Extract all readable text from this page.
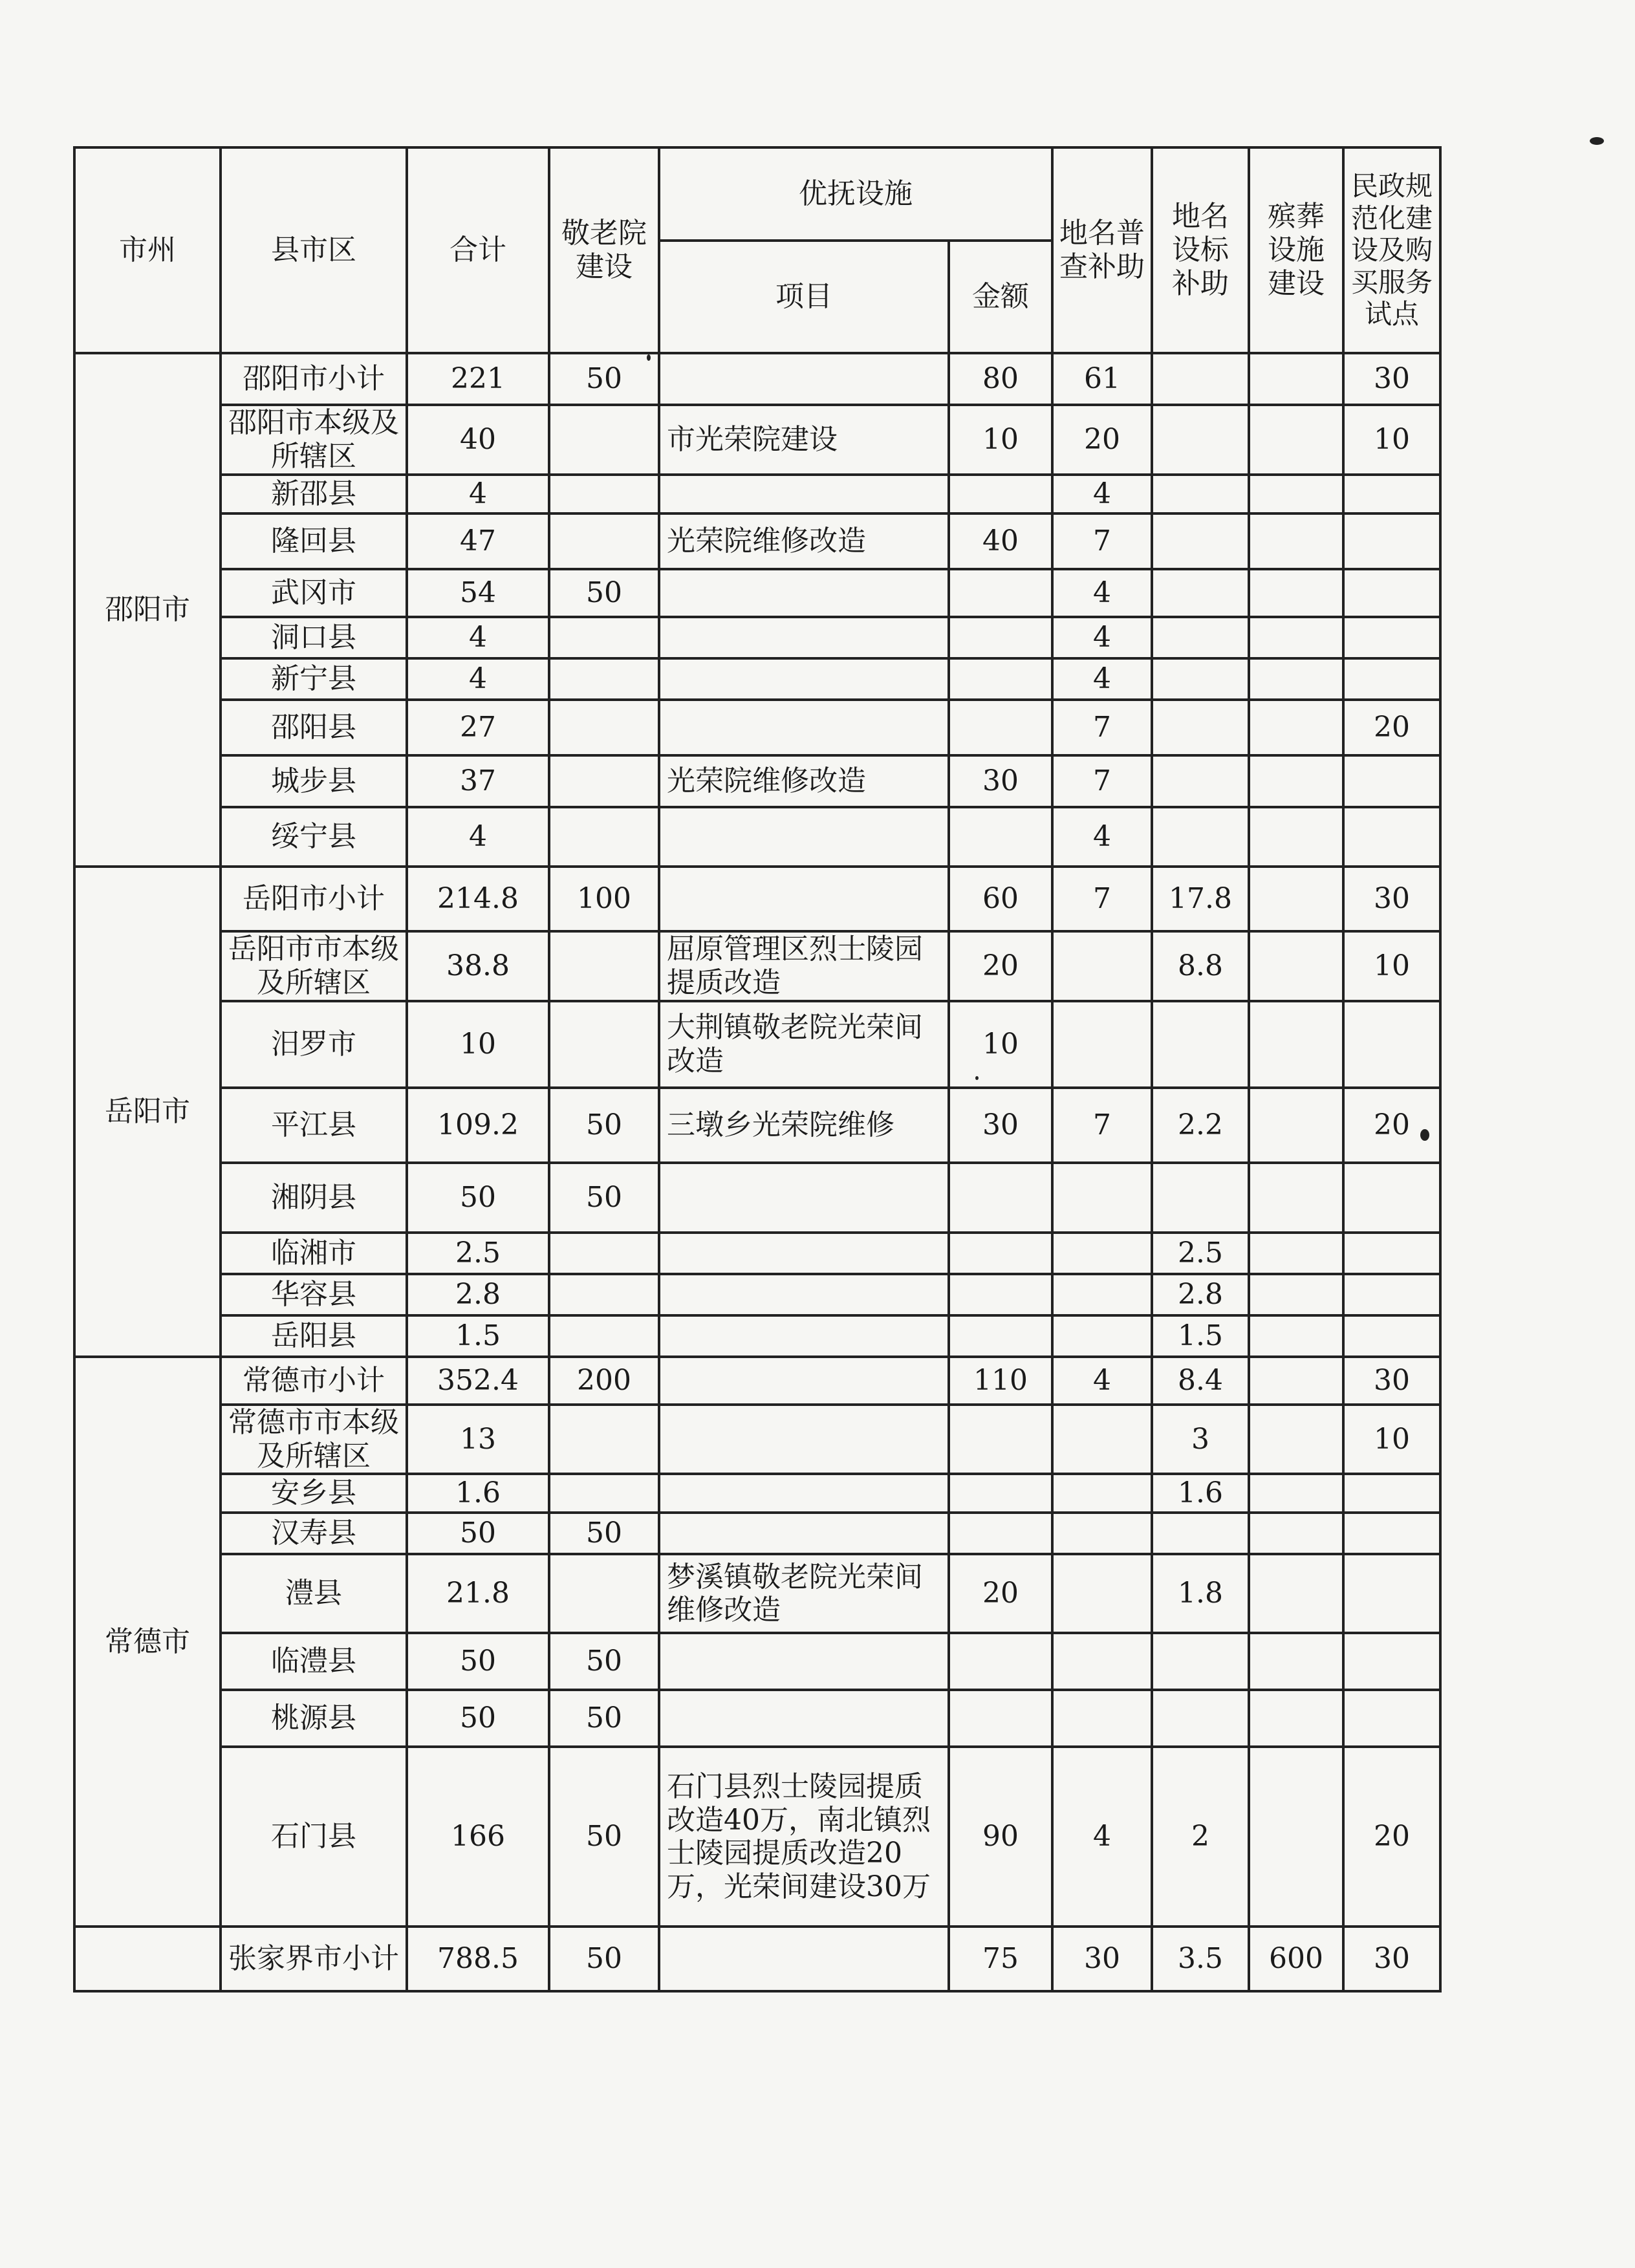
市州	县市区	合计	敬老院建设	优抚设施		地名普查补助	地名设标补助	殡葬设施建设	民政规范化建设及购买服务试点
				项目	金额				
邵阳市	邵阳市小计	221	50		80	61			30
	邵阳市本级及所辖区	40		市光荣院建设	10	20			10
	新邵县	4				4			
	隆回县	47		光荣院维修改造	40	7			
	武冈市	54	50			4			
	洞口县	4				4			
	新宁县	4				4			
	邵阳县	27				7			20
	城步县	37		光荣院维修改造	30	7			
	绥宁县	4				4			
岳阳市	岳阳市小计	214.8	100		60	7	17.8		30
	岳阳市市本级及所辖区	38.8		屈原管理区烈士陵园提质改造	20		8.8		10
	汨罗市	10		大荆镇敬老院光荣间改造	10				
	平江县	109.2	50	三墩乡光荣院维修	30	7	2.2		20
	湘阴县	50	50						
	临湘市	2.5					2.5		
	华容县	2.8					2.8		
	岳阳县	1.5					1.5		
常德市	常德市小计	352.4	200		110	4	8.4		30
	常德市市本级及所辖区	13					3		10
	安乡县	1.6					1.6		
	汉寿县	50	50						
	澧县	21.8		梦溪镇敬老院光荣间维修改造	20		1.8		
	临澧县	50	50						
	桃源县	50	50						
	石门县	166	50	石门县烈士陵园提质改造40万，南北镇烈士陵园提质改造20万，光荣间建设30万	90	4	2		20
	张家界市小计	788.5	50		75	30	3.5	600	30
